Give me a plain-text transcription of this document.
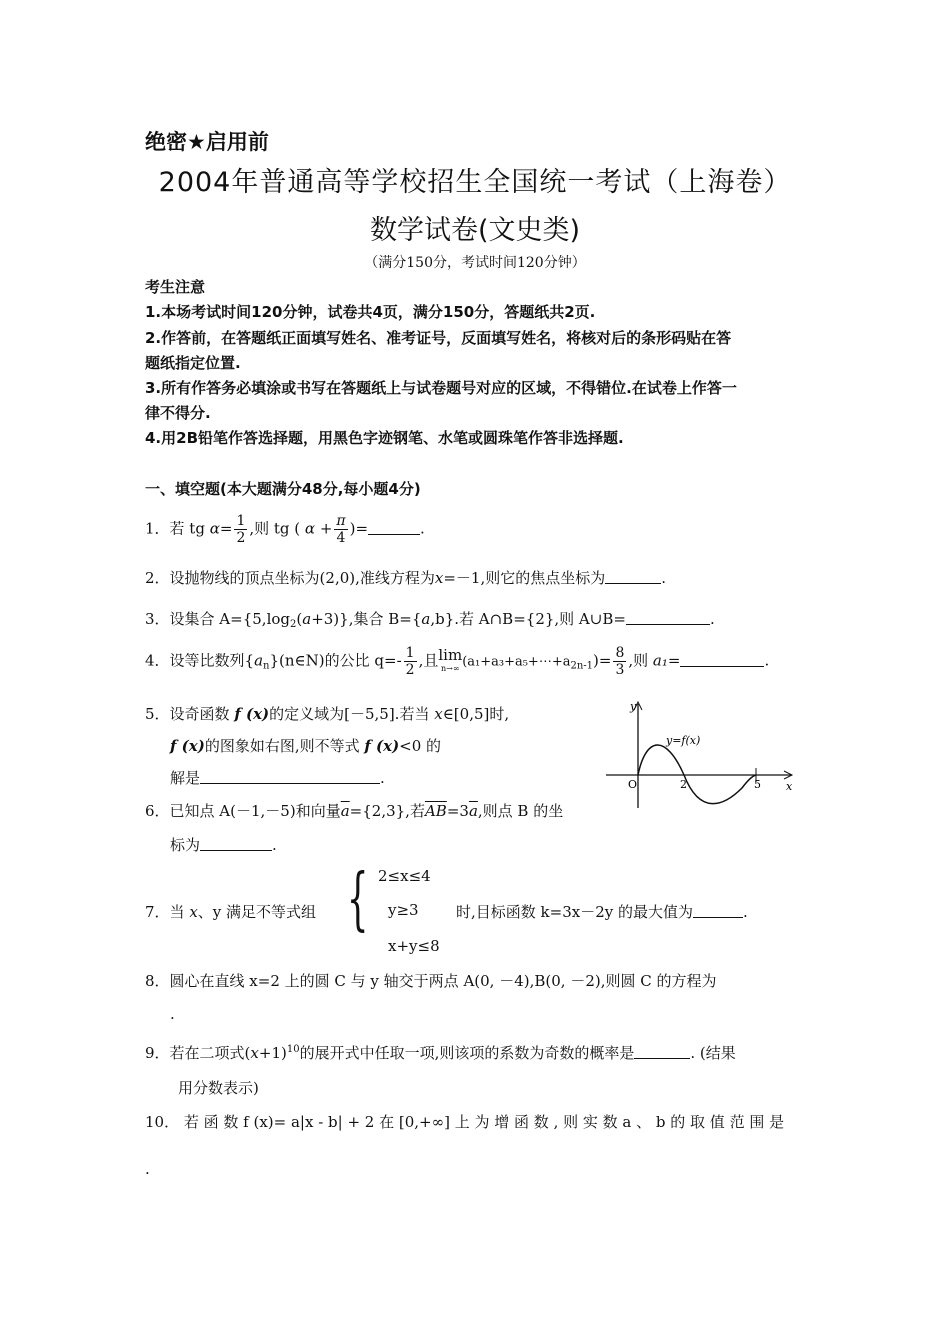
绝密★启用前
2004年普通高等学校招生全国统一考试（上海卷）
数学试卷(文史类)
（满分150分，考试时间120分钟）
考生注意
1.本场考试时间120分钟，试卷共4页，满分150分，答题纸共2页.
2.作答前，在答题纸正面填写姓名、准考证号，反面填写姓名，将核对后的条形码贴在答
题纸指定位置.
3.所有作答务必填涂或书写在答题纸上与试卷题号对应的区域，不得错位.在试卷上作答一
律不得分.
4.用2B铅笔作答选择题，用黑色字迹钢笔、水笔或圆珠笔作答非选择题.
一、填空题(本大题满分48分,每小题4分)
1．若 tg $\alpha= \frac{1}{2}$ ,则 tg ( $\alpha + \frac{\pi}{4}$ )=	.
2．设抛物线的顶点坐标为(2,0),准线方程为x=－1,则它的焦点坐标为	.
3．设集合 $A=\{5,\log_2(a+3)\}$,集合 B={a,b}.若 A∩B={2},则 A∪B=	.
4．设等比数列$\{a_n\}(n\in N)$的公比 $q=- \frac{1}{2}$ ,且 lim
n→∞ $(a_1+a_3+a_5+\cdots+a_{2n-1})= \frac{8}{3}$ ,则 a₁=	.
5．设奇函数 f (x)的定义域为[－5,5].若当 x∈[0,5]时,
f (x)的图象如右图,则不等式 f (x)<0 的
解是	.
y
x
y=f(x)
O	2	5
6．已知点 A(－1,－5)和向量$\overline{a}=\{2,3\}$,若$\overline{AB}=3\overline{a}$,则点 B 的坐
标为	.
7．当 x、y 满足不等式组 { 2≤x≤4
y≥3
x+y≤8
时,目标函数 k=3x－2y 的最大值为	.
8．圆心在直线 x=2 上的圆 C 与 y 轴交于两点 A(0, －4),B(0, －2),则圆 C 的方程为
.
9．若在二项式$(x+1)^{10}$的展开式中任取一项,则该项的系数为奇数的概率是	. (结果
用分数表示)
10． 若 函 数 f (x)= a|x - b| + 2 在 [0,+∞] 上 为 增 函 数 , 则 实 数 a 、 b 的 取 值 范 围 是
.
